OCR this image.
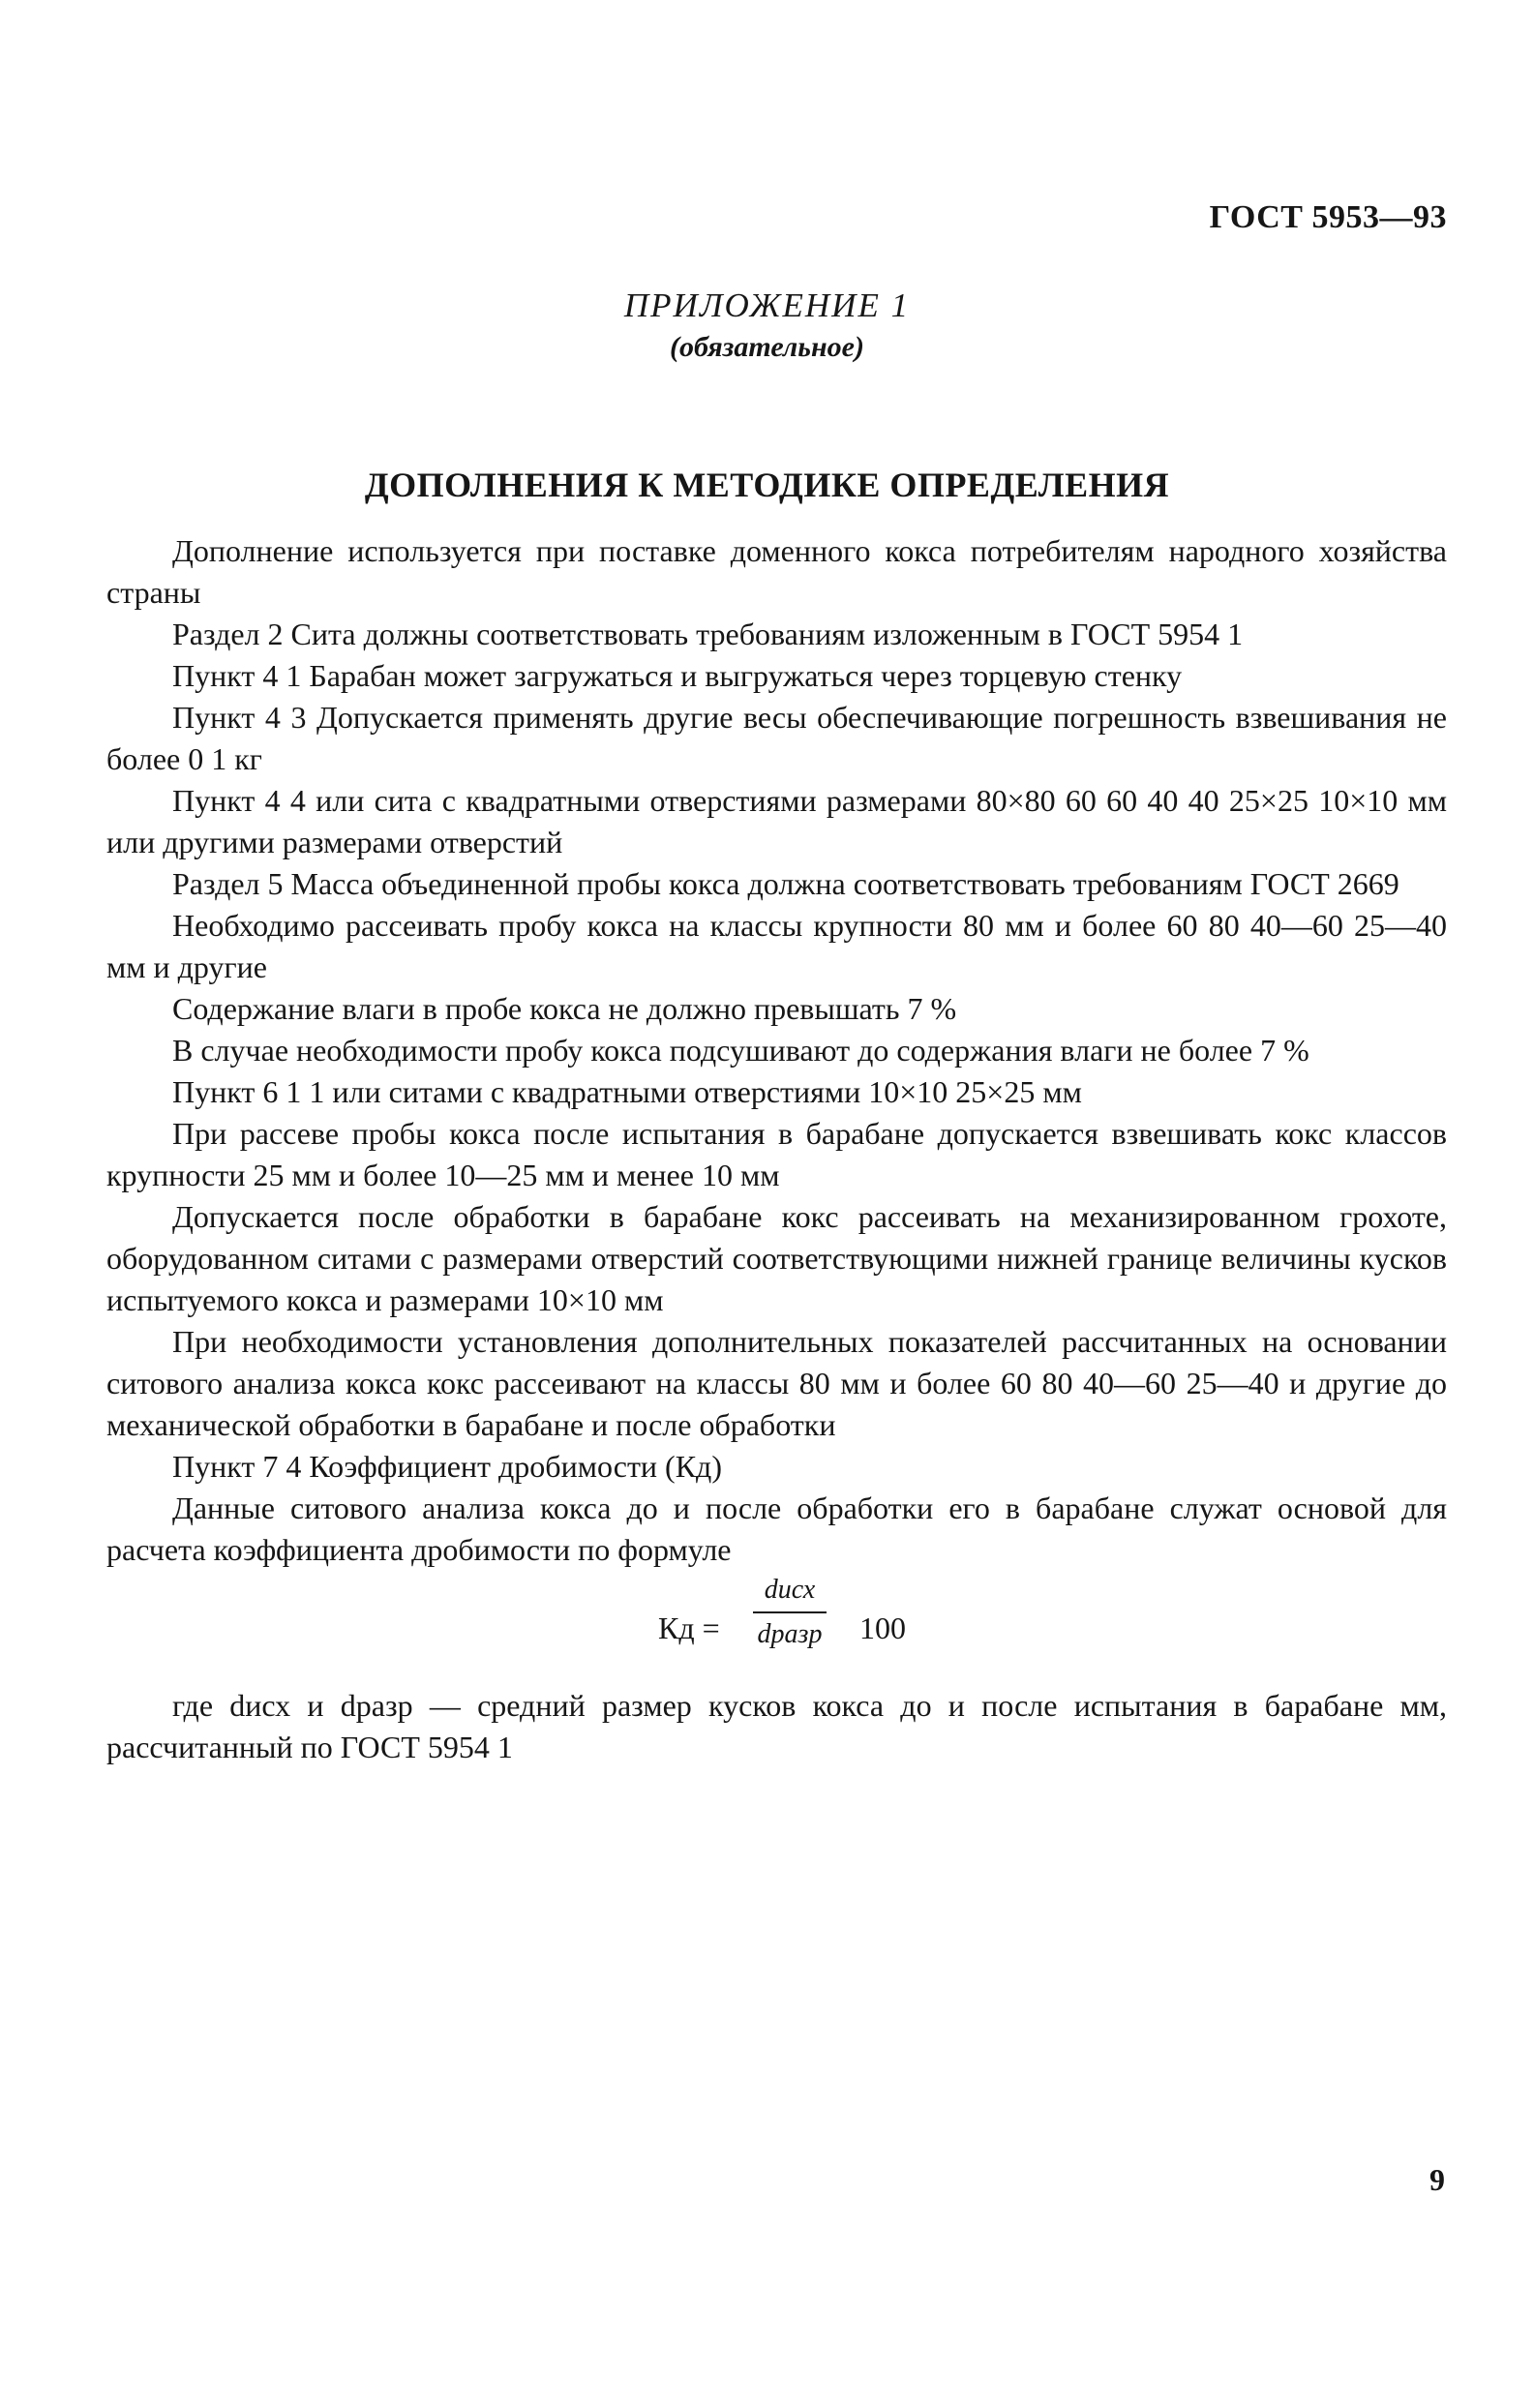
ГОСТ 5953—93
ПРИЛОЖЕНИЕ 1
(обязательное)
ДОПОЛНЕНИЯ К МЕТОДИКЕ ОПРЕДЕЛЕНИЯ

Дополнение используется при поставке доменного кокса потребителям народного хозяйства страны

Раздел 2 Сита должны соответствовать требованиям изложенным в ГОСТ 5954 1

Пункт 4 1 Барабан может загружаться и выгружаться через торцевую стенку

Пункт 4 3 Допускается применять другие весы обеспечивающие погрешность взвешивания не более 0 1 кг

Пункт 4 4 или сита с квадратными отверстиями размерами 80×80 60 60 40 40 25×25 10×10 мм или другими размерами отверстий

Раздел 5 Масса объединенной пробы кокса должна соответствовать требованиям ГОСТ 2669

Необходимо рассеивать пробу кокса на классы крупности 80 мм и более 60 80 40—60 25—40 мм и другие

Содержание влаги в пробе кокса не должно превышать 7 %

В случае необходимости пробу кокса подсушивают до содержания влаги не более 7 %

Пункт 6 1 1 или ситами с квадратными отверстиями 10×10 25×25 мм

При рассеве пробы кокса после испытания в барабане допускается взвешивать кокс классов крупности 25 мм и более 10—25 мм и менее 10 мм

Допускается после обработки в барабане кокс рассеивать на механизированном грохоте, оборудованном ситами с размерами отверстий соответствующими нижней границе величины кусков испытуемого кокса и размерами 10×10 мм

При необходимости установления дополнительных показателей рассчитанных на основании ситового анализа кокса кокс рассеивают на классы 80 мм и более 60 80 40—60 25—40 и другие до механической обработки в барабане и после обработки

Пункт 7 4 Коэффициент дробимости (Кд)

Данные ситового анализа кокса до и после обработки его в барабане служат основой для расчета коэффициента дробимости по формуле

Кд =
dисх
dразр	100

где dисх и dразр — средний размер кусков кокса до и после испытания в барабане мм, рассчитанный по ГОСТ 5954 1

9
